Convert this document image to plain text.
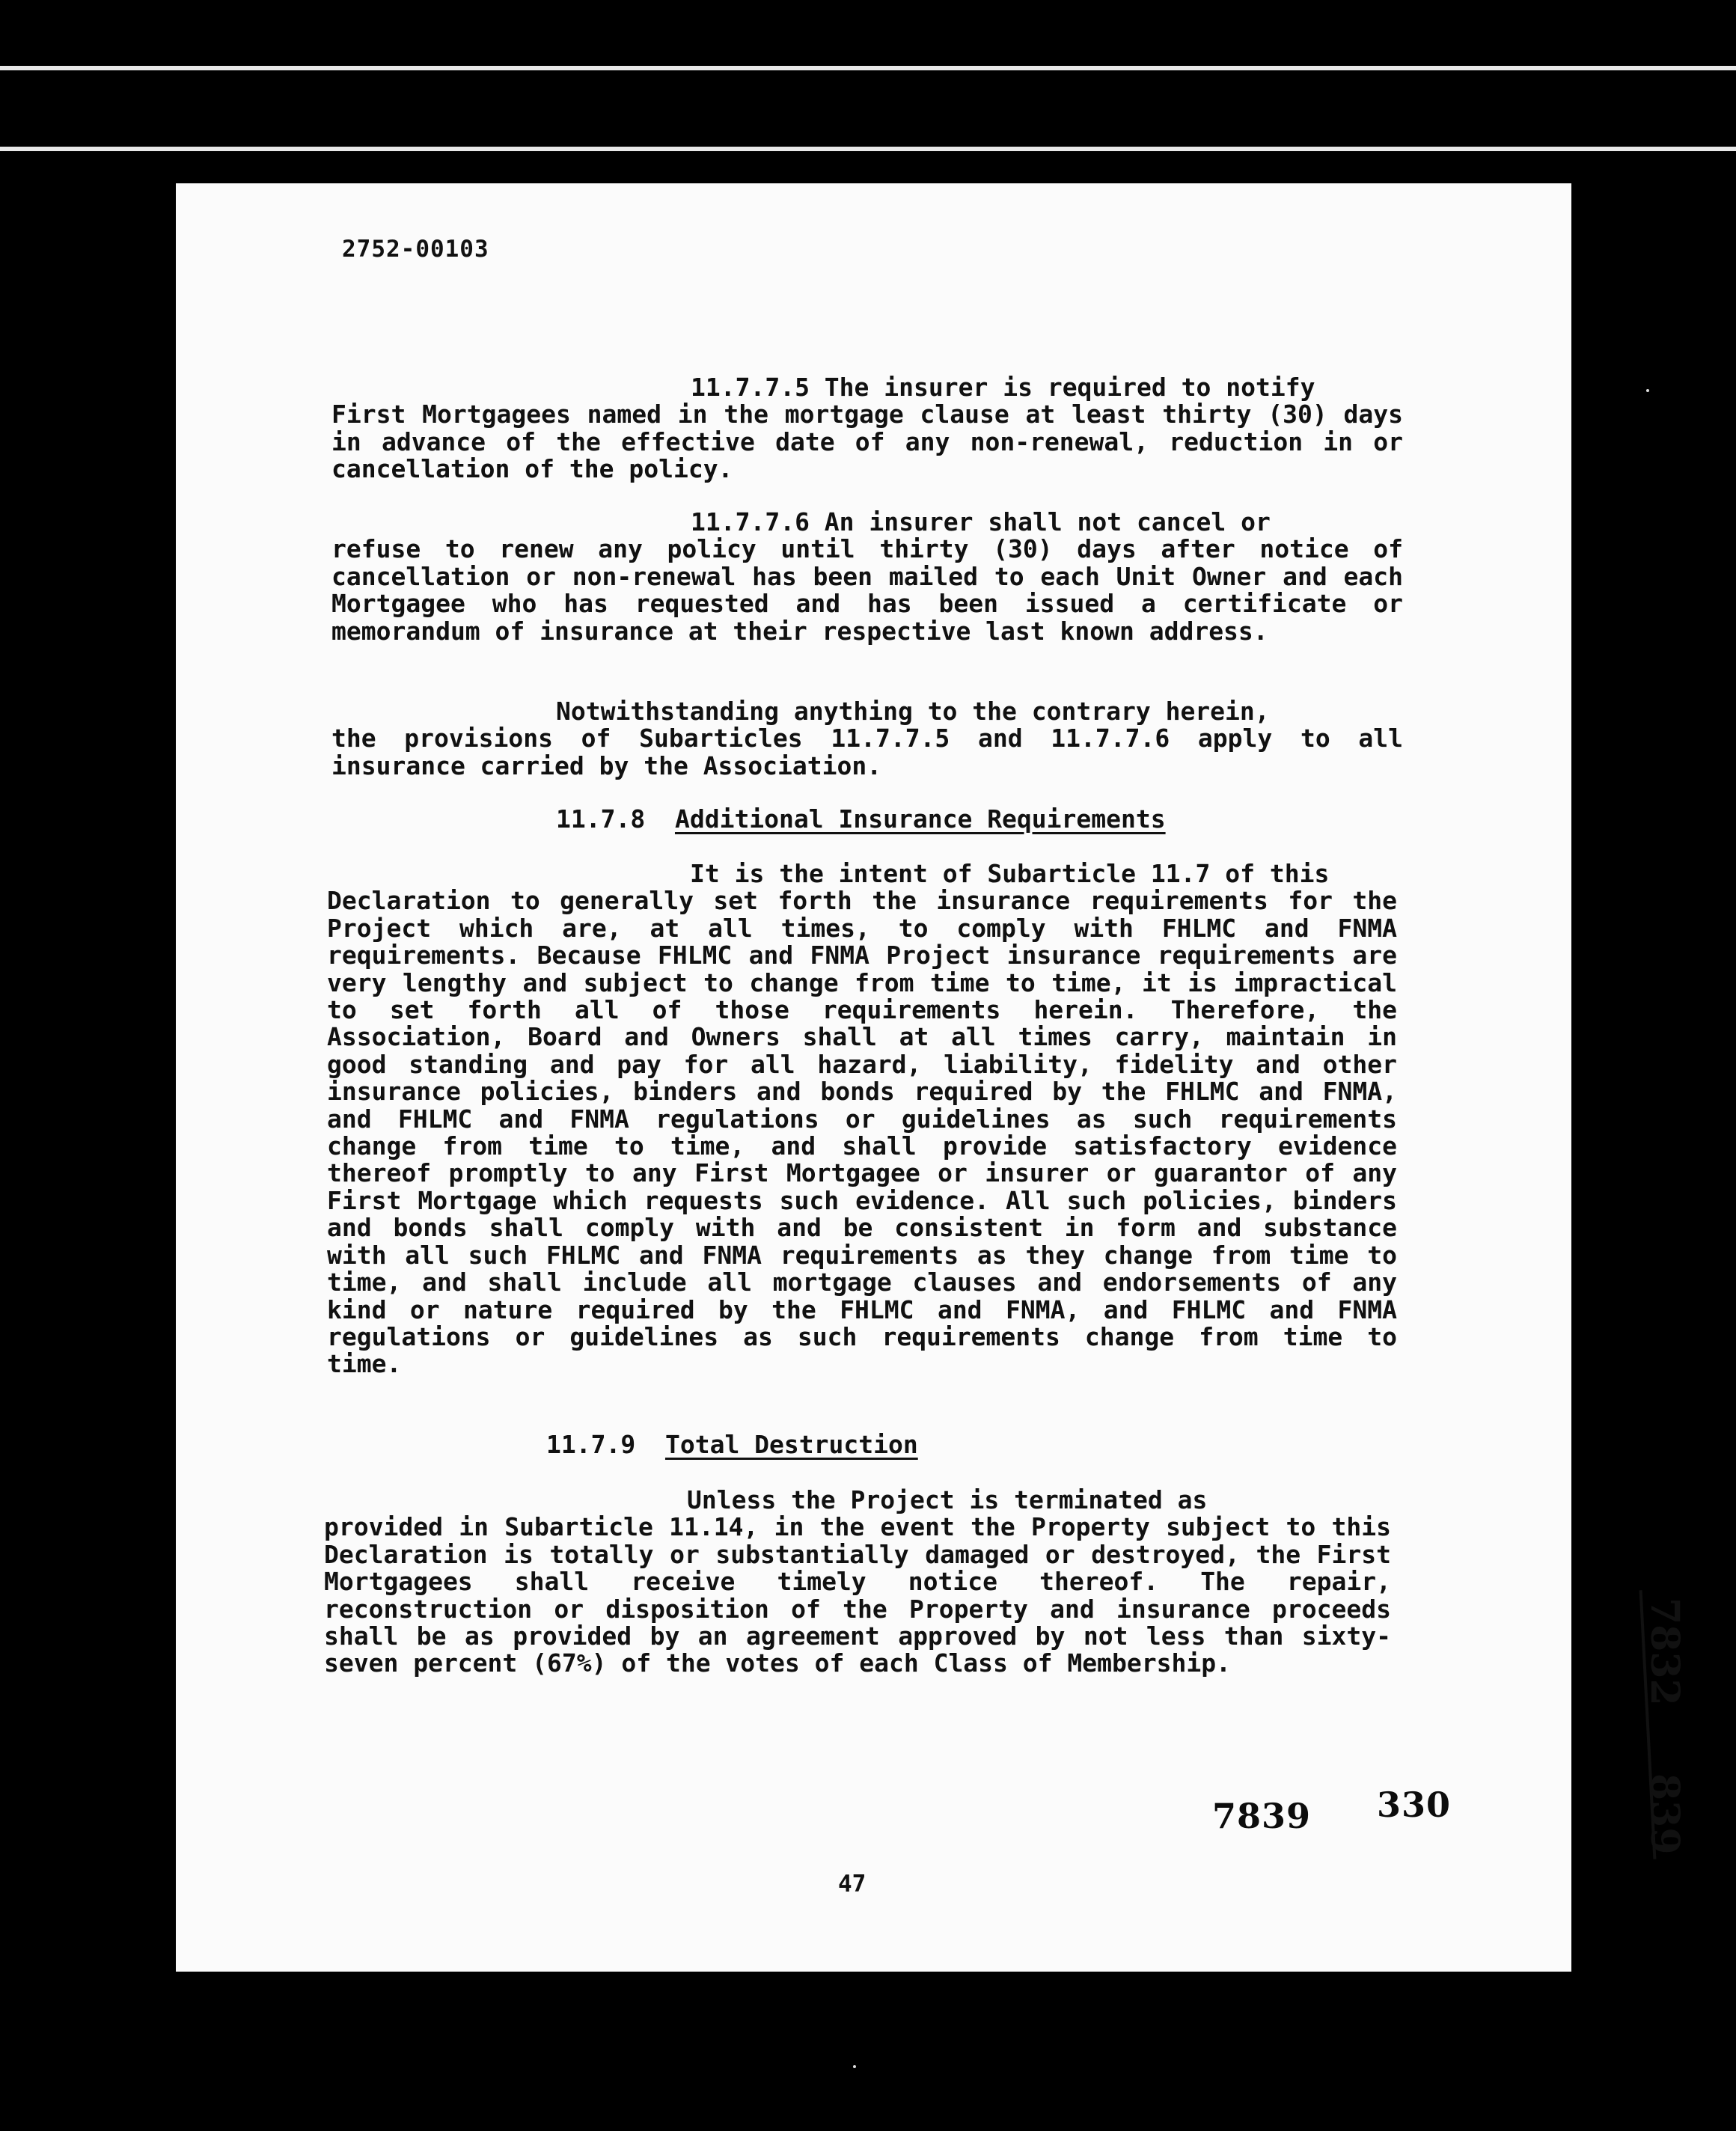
2752-00103

11.7.7.5 The insurer is required to notify
First Mortgagees named in the mortgage clause at least thirty (30) days in advance of the effective date of any non-renewal, reduction in or cancellation of the policy.

11.7.7.6 An insurer shall not cancel or
refuse to renew any policy until thirty (30) days after notice of cancellation or non-renewal has been mailed to each Unit Owner and each Mortgagee who has requested and has been issued a certificate or memorandum of insurance at their respective last known address.

Notwithstanding anything to the contrary herein,
the provisions of Subarticles 11.7.7.5 and 11.7.7.6 apply to all insurance carried by the Association.

11.7.8 Additional Insurance Requirements

It is the intent of Subarticle 11.7 of this
Declaration to generally set forth the insurance requirements for the Project which are, at all times, to comply with FHLMC and FNMA requirements. Because FHLMC and FNMA Project insurance requirements are very lengthy and subject to change from time to time, it is impractical to set forth all of those requirements herein. Therefore, the Association, Board and Owners shall at all times carry, maintain in good standing and pay for all hazard, liability, fidelity and other insurance policies, binders and bonds required by the FHLMC and FNMA, and FHLMC and FNMA regulations or guidelines as such requirements change from time to time, and shall provide satisfactory evidence thereof promptly to any First Mortgagee or insurer or guarantor of any First Mortgage which requests such evidence. All such policies, binders and bonds shall comply with and be consistent in form and substance with all such FHLMC and FNMA requirements as they change from time to time, and shall include all mortgage clauses and endorsements of any kind or nature required by the FHLMC and FNMA, and FHLMC and FNMA regulations or guidelines as such requirements change from time to time.

11.7.9 Total Destruction

Unless the Project is terminated as
provided in Subarticle 11.14, in the event the Property subject to this Declaration is totally or substantially damaged or destroyed, the First Mortgagees shall receive timely notice thereof. The repair, reconstruction or disposition of the Property and insurance proceeds shall be as provided by an agreement approved by not less than sixty-seven percent (67%) of the votes of each Class of Membership.

7839 330
7832
839
47
